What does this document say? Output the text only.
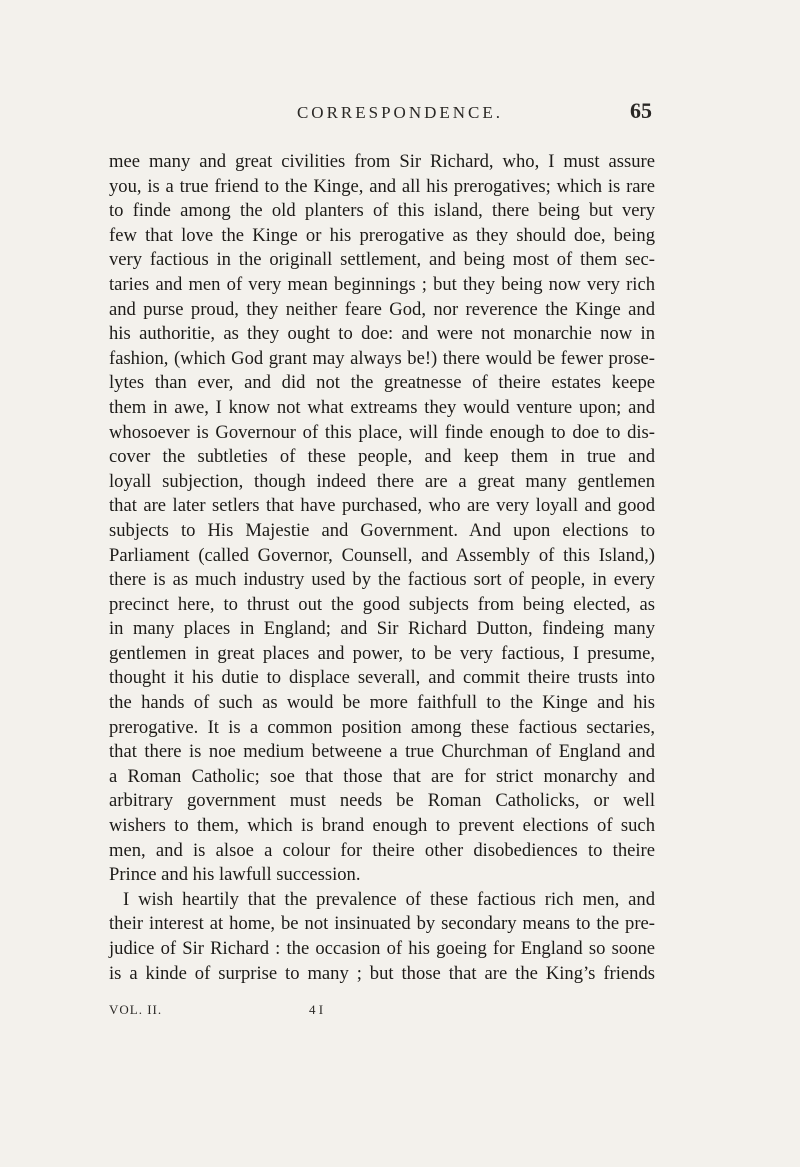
CORRESPONDENCE.	65
mee many and great civilities from Sir Richard, who, I must assure
you, is a true friend to the Kinge, and all his prerogatives; which is rare
to finde among the old planters of this island, there being but very
few that love the Kinge or his prerogative as they should doe, being
very factious in the originall settlement, and being most of them sec-
taries and men of very mean beginnings ; but they being now very rich
and purse proud, they neither feare God, nor reverence the Kinge and
his authoritie, as they ought to doe: and were not monarchie now in
fashion, (which God grant may always be!) there would be fewer prose-
lytes than ever, and did not the greatnesse of theire estates keepe
them in awe, I know not what extreams they would venture upon; and
whosoever is Governour of this place, will finde enough to doe to dis-
cover the subtleties of these people, and keep them in true and
loyall subjection, though indeed there are a great many gentlemen
that are later setlers that have purchased, who are very loyall and good
subjects to His Majestie and Government. And upon elections to
Parliament (called Governor, Counsell, and Assembly of this Island,)
there is as much industry used by the factious sort of people, in every
precinct here, to thrust out the good subjects from being elected, as
in many places in England; and Sir Richard Dutton, findeing many
gentlemen in great places and power, to be very factious, I presume,
thought it his dutie to displace severall, and commit theire trusts into
the hands of such as would be more faithfull to the Kinge and his
prerogative. It is a common position among these factious sectaries,
that there is noe medium betweene a true Churchman of England and
a Roman Catholic; soe that those that are for strict monarchy and
arbitrary government must needs be Roman Catholicks, or well
wishers to them, which is brand enough to prevent elections of such
men, and is alsoe a colour for theire other disobediences to theire
Prince and his lawfull succession.
I wish heartily that the prevalence of these factious rich men, and
their interest at home, be not insinuated by secondary means to the pre-
judice of Sir Richard : the occasion of his goeing for England so soone
is a kinde of surprise to many ; but those that are the King’s friends
VOL. II.	4 I
